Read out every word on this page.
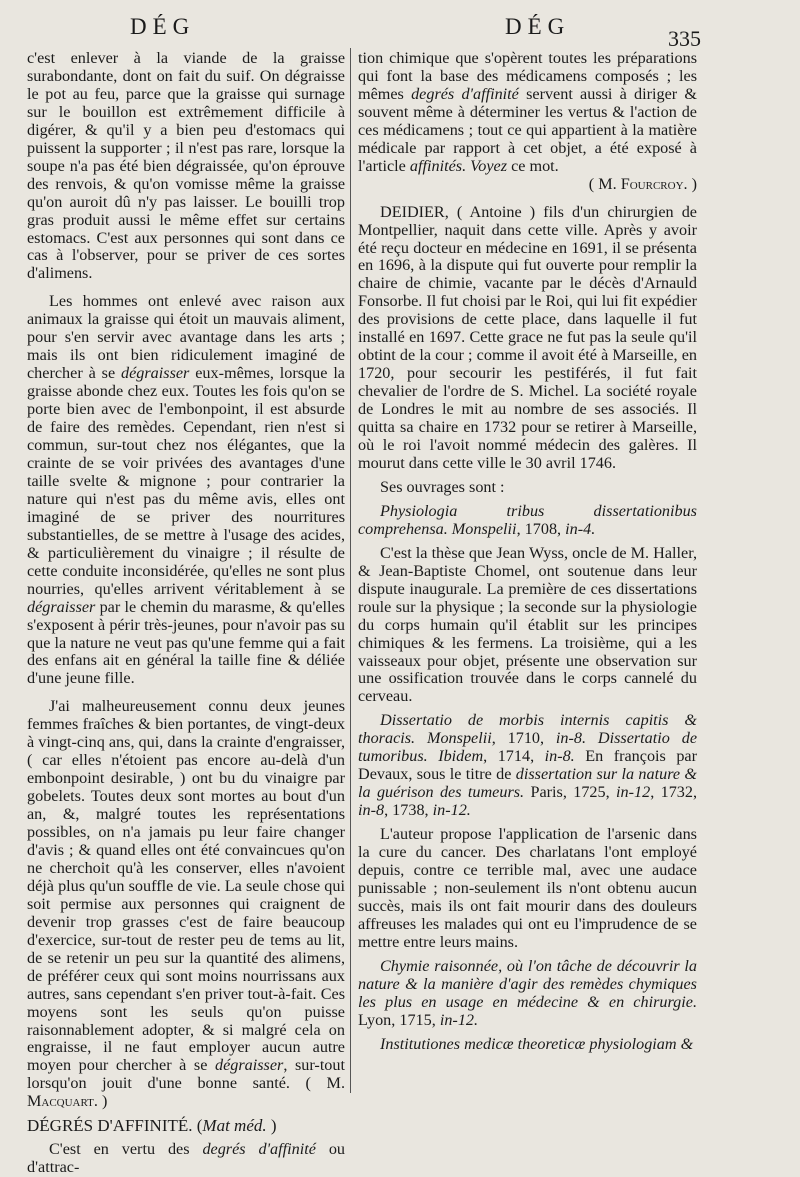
DÉG	DÉG	335

c'est enlever à la viande de la graisse surabondante, dont on fait du suif. On dégraisse le pot au feu, parce que la graisse qui surnage sur le bouillon est extrêmement difficile à digérer, & qu'il y a bien peu d'estomacs qui puissent la supporter ; il n'est pas rare, lorsque la soupe n'a pas été bien dégraissée, qu'on éprouve des renvois, & qu'on vomisse même la graisse qu'on auroit dû n'y pas laisser. Le bouilli trop gras produit aussi le même effet sur certains estomacs. C'est aux personnes qui sont dans ce cas à l'observer, pour se priver de ces sortes d'alimens.

Les hommes ont enlevé avec raison aux animaux la graisse qui étoit un mauvais aliment, pour s'en servir avec avantage dans les arts ; mais ils ont bien ridiculement imaginé de chercher à se dégraisser eux-mêmes, lorsque la graisse abonde chez eux. Toutes les fois qu'on se porte bien avec de l'embonpoint, il est absurde de faire des remèdes. Cependant, rien n'est si commun, sur-tout chez nos élégantes, que la crainte de se voir privées des avantages d'une taille svelte & mignone ; pour contrarier la nature qui n'est pas du même avis, elles ont imaginé de se priver des nourritures substantielles, de se mettre à l'usage des acides, & particulièrement du vinaigre ; il résulte de cette conduite inconsidérée, qu'elles ne sont plus nourries, qu'elles arrivent véritablement à se dégraisser par le chemin du marasme, & qu'elles s'exposent à périr très-jeunes, pour n'avoir pas su que la nature ne veut pas qu'une femme qui a fait des enfans ait en général la taille fine & déliée d'une jeune fille.

J'ai malheureusement connu deux jeunes femmes fraîches & bien portantes, de vingt-deux à vingt-cinq ans, qui, dans la crainte d'engraisser, ( car elles n'étoient pas encore au-delà d'un embonpoint desirable, ) ont bu du vinaigre par gobelets. Toutes deux sont mortes au bout d'un an, &, malgré toutes les représentations possibles, on n'a jamais pu leur faire changer d'avis ; & quand elles ont été convaincues qu'on ne cherchoit qu'à les conserver, elles n'avoient déjà plus qu'un souffle de vie. La seule chose qui soit permise aux personnes qui craignent de devenir trop grasses c'est de faire beaucoup d'exercice, sur-tout de rester peu de tems au lit, de se retenir un peu sur la quantité des alimens, de préférer ceux qui sont moins nourrissans aux autres, sans cependant s'en priver tout-à-fait. Ces moyens sont les seuls qu'on puisse raisonnablement adopter, & si malgré cela on engraisse, il ne faut employer aucun autre moyen pour chercher à se dégraisser, sur-tout lorsqu'on jouit d'une bonne santé. ( M. Macquart. )

DÉGRÉS D'AFFINITÉ. (Mat méd. )

C'est en vertu des degrés d'affinité ou d'attrac-

tion chimique que s'opèrent toutes les préparations qui font la base des médicamens composés ; les mêmes degrés d'affinité servent aussi à diriger & souvent même à déterminer les vertus & l'action de ces médicamens ; tout ce qui appartient à la matière médicale par rapport à cet objet, a été exposé à l'article affinités. Voyez ce mot.

( M. Fourcroy. )

DEIDIER, ( Antoine ) fils d'un chirurgien de Montpellier, naquit dans cette ville. Après y avoir été reçu docteur en médecine en 1691, il se présenta en 1696, à la dispute qui fut ouverte pour remplir la chaire de chimie, vacante par le décès d'Arnauld Fonsorbe. Il fut choisi par le Roi, qui lui fit expédier des provisions de cette place, dans laquelle il fut installé en 1697. Cette grace ne fut pas la seule qu'il obtint de la cour ; comme il avoit été à Marseille, en 1720, pour secourir les pestiférés, il fut fait chevalier de l'ordre de S. Michel. La société royale de Londres le mit au nombre de ses associés. Il quitta sa chaire en 1732 pour se retirer à Marseille, où le roi l'avoit nommé médecin des galères. Il mourut dans cette ville le 30 avril 1746.

Ses ouvrages sont :

Physiologia tribus dissertationibus comprehensa. Monspelii, 1708, in-4.

C'est la thèse que Jean Wyss, oncle de M. Haller, & Jean-Baptiste Chomel, ont soutenue dans leur dispute inaugurale. La première de ces dissertations roule sur la physique ; la seconde sur la physiologie du corps humain qu'il établit sur les principes chimiques & les fermens. La troisième, qui a les vaisseaux pour objet, présente une observation sur une ossification trouvée dans le corps cannelé du cerveau.

Dissertatio de morbis internis capitis & thoracis. Monspelii, 1710, in-8. Dissertatio de tumoribus. Ibidem, 1714, in-8. En françois par Devaux, sous le titre de dissertation sur la nature & la guérison des tumeurs. Paris, 1725, in-12, 1732, in-8, 1738, in-12.

L'auteur propose l'application de l'arsenic dans la cure du cancer. Des charlatans l'ont employé depuis, contre ce terrible mal, avec une audace punissable ; non-seulement ils n'ont obtenu aucun succès, mais ils ont fait mourir dans des douleurs affreuses les malades qui ont eu l'imprudence de se mettre entre leurs mains.

Chymie raisonnée, où l'on tâche de découvrir la nature & la manière d'agir des remèdes chymiques les plus en usage en médecine & en chirurgie. Lyon, 1715, in-12.

Institutiones medicæ theoreticæ physiologiam &
